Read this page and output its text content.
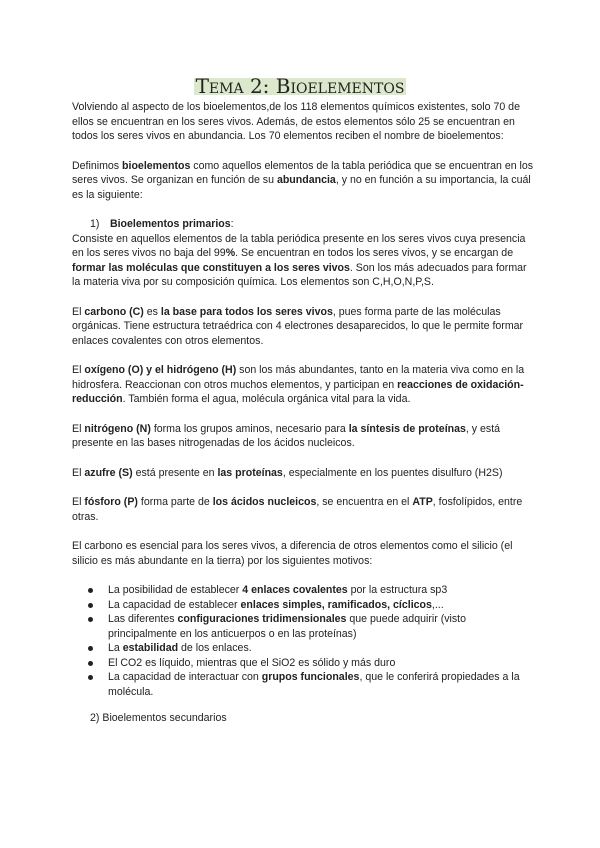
Tema 2: Bioelementos

Volviendo al aspecto de los bioelementos,de los 118 elementos químicos existentes, solo 70 de ellos se encuentran en los seres vivos. Además, de estos elementos sólo 25 se encuentran en todos los seres vivos en abundancia. Los 70 elementos reciben el nombre de bioelementos:

Definimos bioelementos como aquellos elementos de la tabla periódica que se encuentran en los seres vivos. Se organizan en función de su abundancia, y no en función a su importancia, la cuál es la siguiente:

1) Bioelementos primarios:

Consiste en aquellos elementos de la tabla periódica presente en los seres vivos cuya presencia en los seres vivos no baja del 99%. Se encuentran en todos los seres vivos, y se encargan de formar las moléculas que constituyen a los seres vivos. Son los más adecuados para formar la materia viva por su composición química. Los elementos son C,H,O,N,P,S.

El carbono (C) es la base para todos los seres vivos, pues forma parte de las moléculas orgánicas. Tiene estructura tetraédrica con 4 electrones desaparecidos, lo que le permite formar enlaces covalentes con otros elementos.

El oxígeno (O) y el hidrógeno (H) son los más abundantes, tanto en la materia viva como en la hidrosfera. Reaccionan con otros muchos elementos, y participan en reacciones de oxidación-reducción. También forma el agua, molécula orgánica vital para la vida.

El nitrógeno (N) forma los grupos aminos, necesario para la síntesis de proteínas, y está presente en las bases nitrogenadas de los ácidos nucleicos.

El azufre (S) está presente en las proteínas, especialmente en los puentes disulfuro (H2S)

El fósforo (P) forma parte de los ácidos nucleicos, se encuentra en el ATP, fosfolípidos, entre otras.

El carbono es esencial para los seres vivos, a diferencia de otros elementos como el silicio (el silicio es más abundante en la tierra) por los siguientes motivos:

La posibilidad de establecer 4 enlaces covalentes por la estructura sp3
La capacidad de establecer enlaces simples, ramificados, cíclicos,...
Las diferentes configuraciones tridimensionales que puede adquirir (visto principalmente en los anticuerpos o en las proteínas)
La estabilidad de los enlaces.
El CO2 es líquido, mientras que el SiO2 es sólido y más duro
La capacidad de interactuar con grupos funcionales, que le conferirá propiedades a la molécula.
2) Bioelementos secundarios
